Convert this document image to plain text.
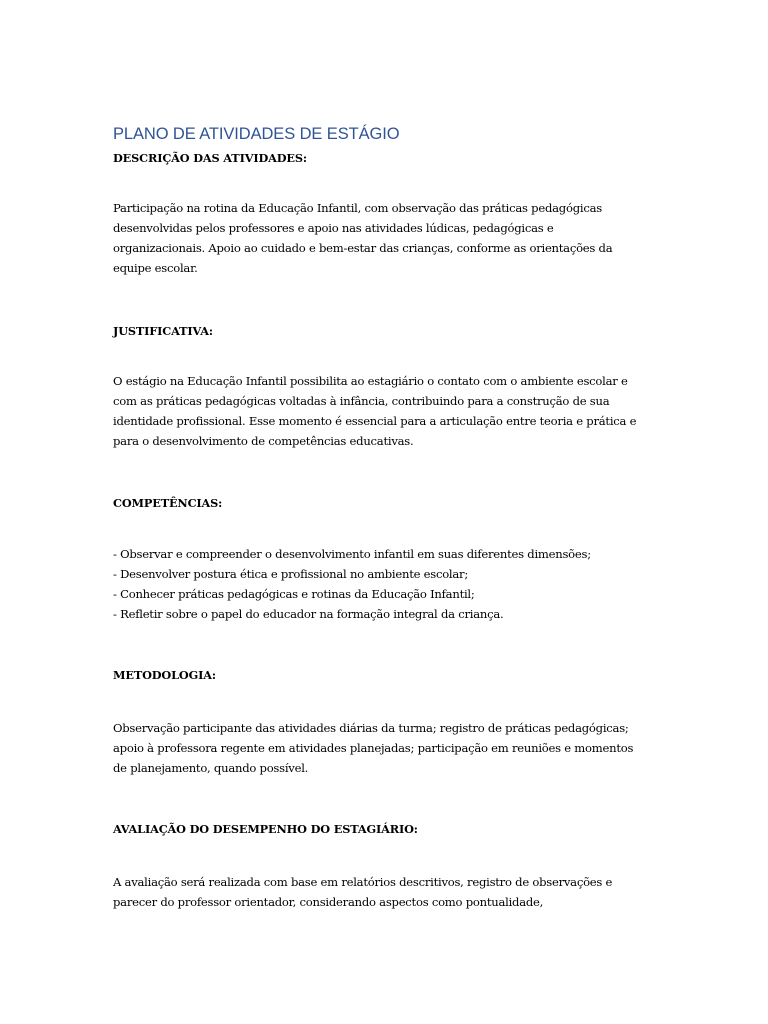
PLANO DE ATIVIDADES DE ESTÁGIO
DESCRIÇÃO DAS ATIVIDADES:
Participação na rotina da Educação Infantil, com observação das práticas pedagógicas
desenvolvidas pelos professores e apoio nas atividades lúdicas, pedagógicas e
organizacionais. Apoio ao cuidado e bem-estar das crianças, conforme as orientações da
equipe escolar.
JUSTIFICATIVA:
O estágio na Educação Infantil possibilita ao estagiário o contato com o ambiente escolar e
com as práticas pedagógicas voltadas à infância, contribuindo para a construção de sua
identidade profissional. Esse momento é essencial para a articulação entre teoria e prática e
para o desenvolvimento de competências educativas.
COMPETÊNCIAS:
- Observar e compreender o desenvolvimento infantil em suas diferentes dimensões;
- Desenvolver postura ética e profissional no ambiente escolar;
- Conhecer práticas pedagógicas e rotinas da Educação Infantil;
- Refletir sobre o papel do educador na formação integral da criança.
METODOLOGIA:
Observação participante das atividades diárias da turma; registro de práticas pedagógicas;
apoio à professora regente em atividades planejadas; participação em reuniões e momentos
de planejamento, quando possível.
AVALIAÇÃO DO DESEMPENHO DO ESTAGIÁRIO:
A avaliação será realizada com base em relatórios descritivos, registro de observações e
parecer do professor orientador, considerando aspectos como pontualidade,
